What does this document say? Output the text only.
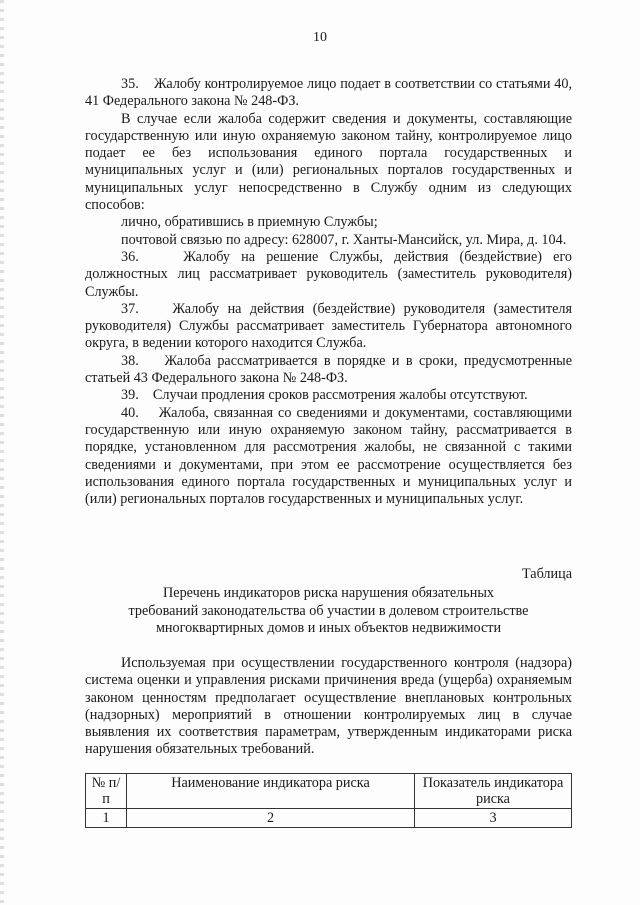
10

35.    Жалобу контролируемое лицо подает в соответствии со статьями 40, 41 Федерального закона № 248-ФЗ.

В случае если жалоба содержит сведения и документы, составляющие государственную или иную охраняемую законом тайну, контролируемое лицо подает ее без использования единого портала государственных и муниципальных услуг и (или) региональных порталов государственных и муниципальных услуг непосредственно в Службу одним из следующих способов:

лично, обратившись в приемную Службы;

почтовой связью по адресу: 628007, г. Ханты-Мансийск, ул. Мира, д. 104.

36.    Жалобу на решение Службы, действия (бездействие) его должностных лиц рассматривает руководитель (заместитель руководителя) Службы.

37.    Жалобу на действия (бездействие) руководителя (заместителя руководителя) Службы рассматривает заместитель Губернатора автономного округа, в ведении которого находится Служба.

38.    Жалоба рассматривается в порядке и в сроки, предусмотренные статьей 43 Федерального закона № 248-ФЗ.

39.    Случаи продления сроков рассмотрения жалобы отсутствуют.

40.    Жалоба, связанная со сведениями и документами, составляющими государственную или иную охраняемую законом тайну, рассматривается в порядке, установленном для рассмотрения жалобы, не связанной с такими сведениями и документами, при этом ее рассмотрение осуществляется без использования единого портала государственных и муниципальных услуг и (или) региональных порталов государственных и муниципальных услуг.

Таблица
Перечень индикаторов риска нарушения обязательных
требований законодательства об участии в долевом строительстве
многоквартирных домов и иных объектов недвижимости

Используемая при осуществлении государственного контроля (надзора) система оценки и управления рисками причинения вреда (ущерба) охраняемым законом ценностям предполагает осуществление внеплановых контрольных (надзорных) мероприятий в отношении контролируемых лиц в случае выявления их соответствия параметрам, утвержденным индикаторами риска нарушения обязательных требований.

№ п/п	Наименование индикатора риска	Показатель индикатора риска
1	2	3
